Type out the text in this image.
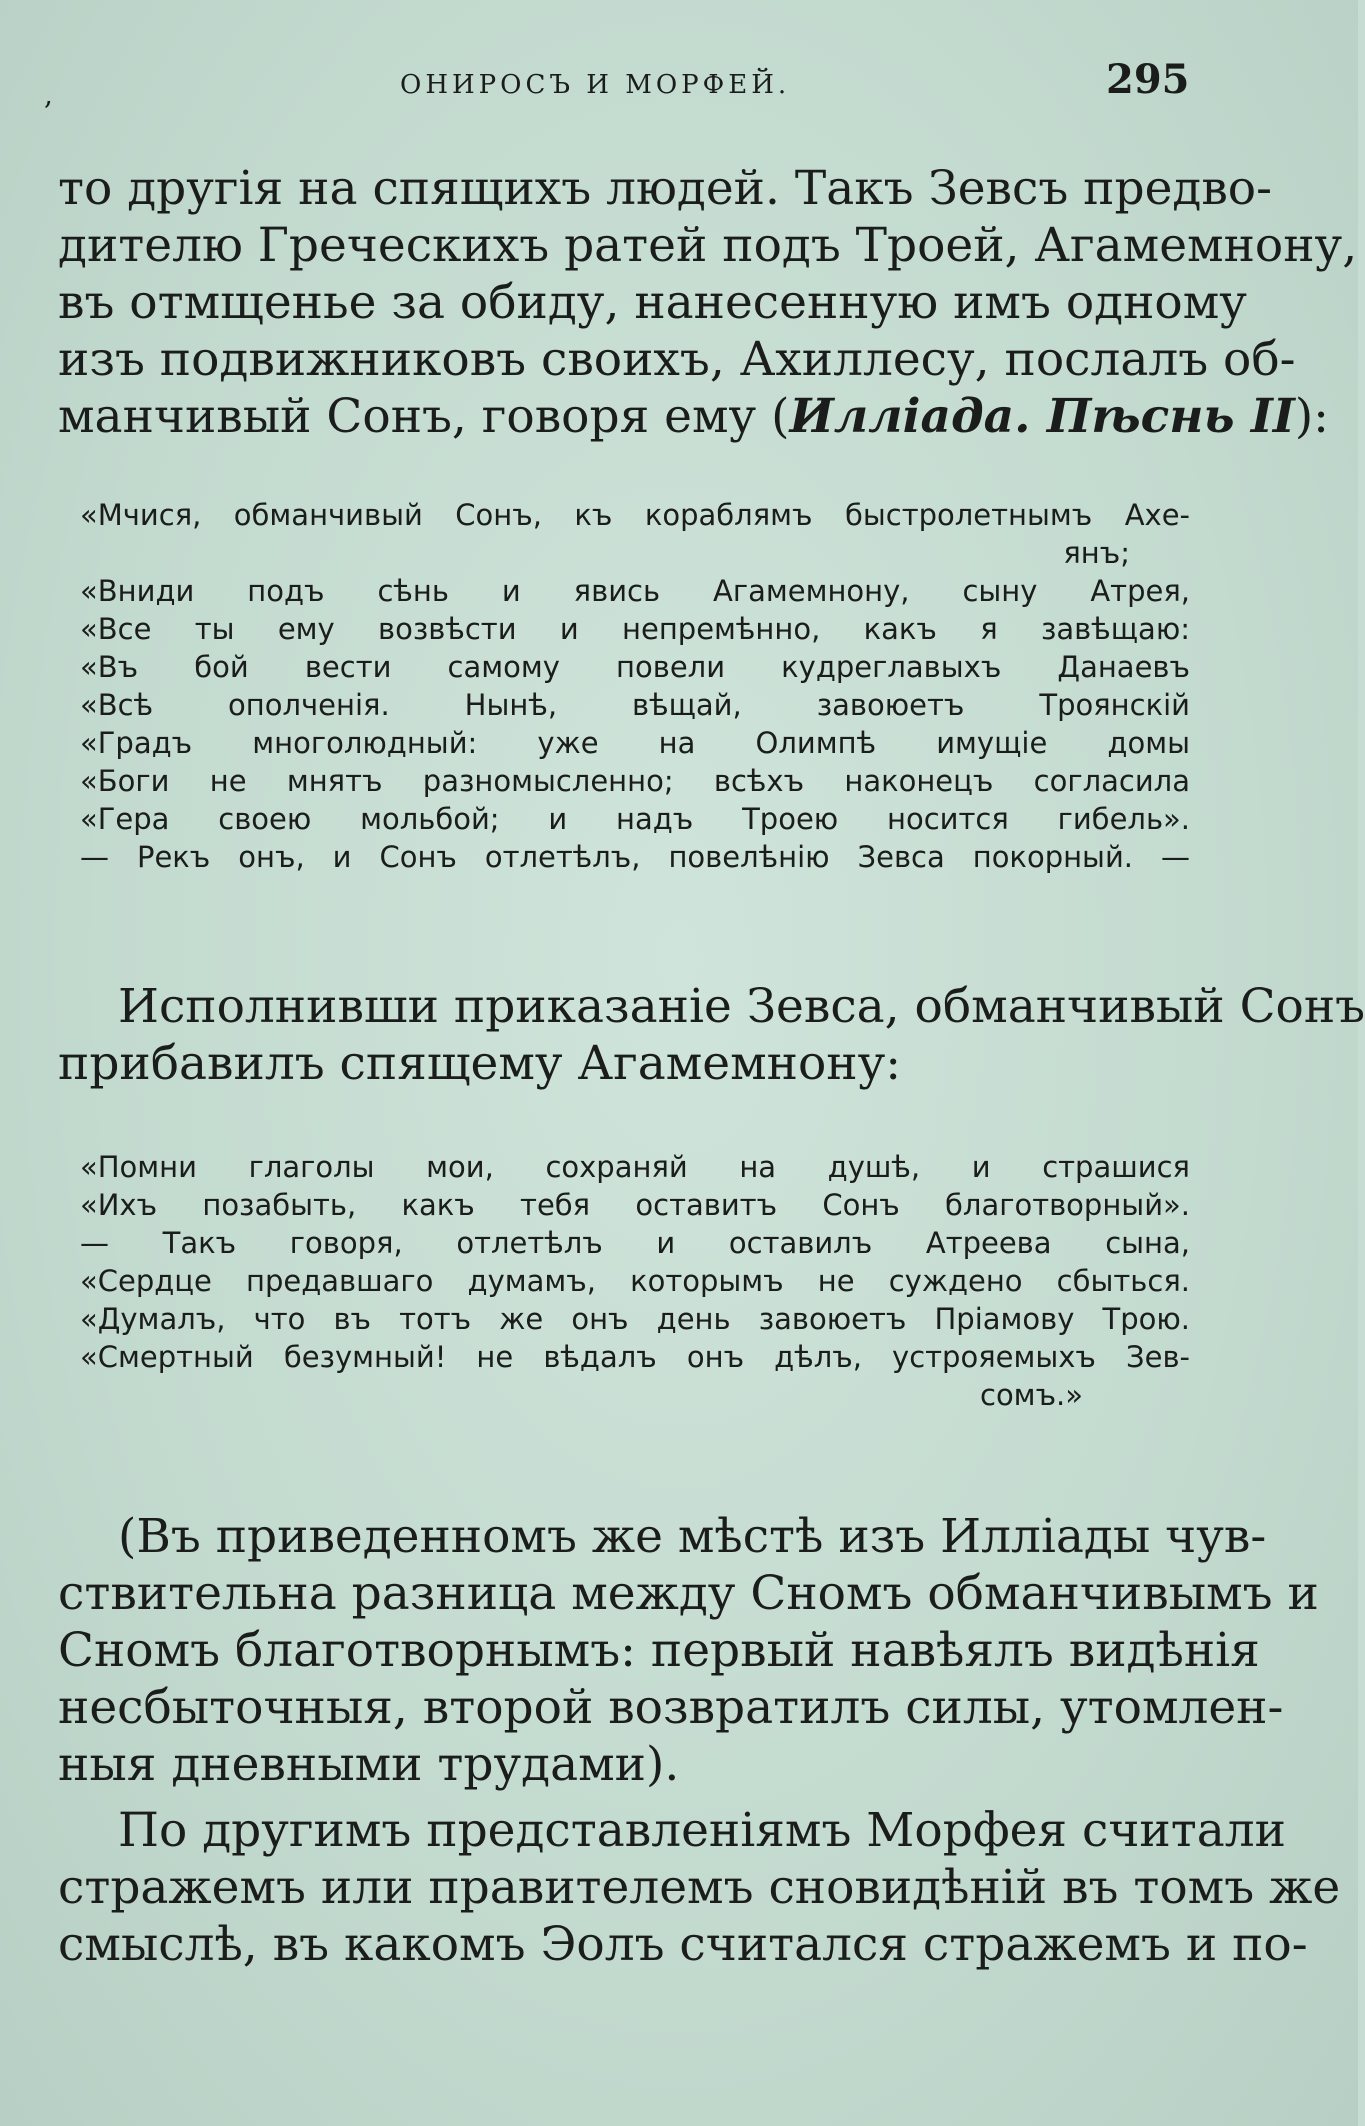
,	ОНИРОСЪ И МОРФЕЙ.	295
то другія на спящихъ людей. Такъ Зевсъ предво-
дителю Греческихъ ратей подъ Троей, Агамемнону,
въ отмщенье за обиду, нанесенную имъ одному
изъ подвижниковъ своихъ, Ахиллесу, послалъ об-
манчивый Сонъ, говоря ему (Илліада. Пѣснь II):
«Мчися, обманчивый Сонъ, къ кораблямъ быстролетнымъ Ахе-
янъ;
«Вниди подъ сѣнь и явись Агамемнону, сыну Атрея,
«Все ты ему возвѣсти и непремѣнно, какъ я завѣщаю:
«Въ бой вести самому повели кудреглавыхъ Данаевъ
«Всѣ ополченія. Нынѣ, вѣщай, завоюетъ Троянскій
«Градъ многолюдный: уже на Олимпѣ имущіе домы
«Боги не мнятъ разномысленно; всѣхъ наконецъ согласила
«Гера своею мольбой; и надъ Троею носится гибель».
— Рекъ онъ, и Сонъ отлетѣлъ, повелѣнію Зевса покорный. —
Исполнивши приказаніе Зевса, обманчивый Сонъ
прибавилъ спящему Агамемнону:
«Помни глаголы мои, сохраняй на душѣ, и страшися
«Ихъ позабыть, какъ тебя оставитъ Сонъ благотворный».
— Такъ говоря, отлетѣлъ и оставилъ Атреева сына,
«Сердце предавшаго думамъ, которымъ не суждено сбыться.
«Думалъ, что въ тотъ же онъ день завоюетъ Пріамову Трою.
«Смертный безумный! не вѣдалъ онъ дѣлъ, устрояемыхъ Зев-
сомъ.»
(Въ приведенномъ же мѣстѣ изъ Илліады чув-
ствительна разница между Сномъ обманчивымъ и
Сномъ благотворнымъ: первый навѣялъ видѣнія
несбыточныя, второй возвратилъ силы, утомлен-
ныя дневными трудами).
По другимъ представленіямъ Морфея считали
стражемъ или правителемъ сновидѣній въ томъ же
смыслѣ, въ какомъ Эолъ считался стражемъ и по-
